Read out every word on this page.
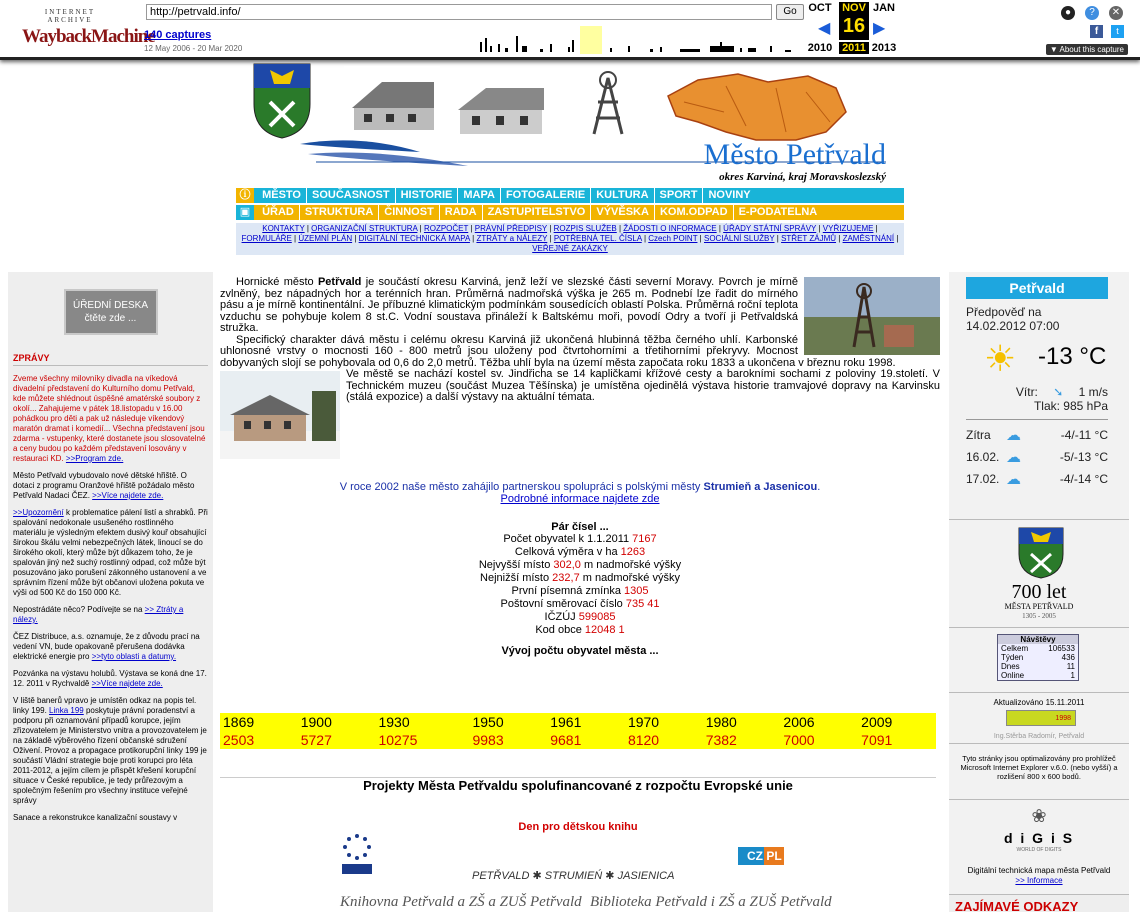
INTERNET ARCHIVE
WaybackMachine
http://petrvald.info/
Go
140 captures
12 May 2006 - 20 Mar 2020
OCT NOV
16
JAN
◀	▶
2010 2011 2013
●	?	✕
f	t
▼ About this capture
Město Petřvald
okres Karviná, kraj Moravskoslezský
ⓘ MĚSTO SOUČASNOST HISTORIE MAPA FOTOGALERIE KULTURA SPORT NOVINY
▣ ÚŘAD STRUKTURA ČINNOST RADA ZASTUPITELSTVO VÝVĚSKA KOM.ODPAD E-PODATELNA
KONTAKTY | ORGANIZAČNÍ STRUKTURA | ROZPOČET | PRÁVNÍ PŘEDPISY | ROZPIS SLUŽEB | ŽÁDOSTI O INFORMACE | ÚŘADY STÁTNÍ SPRÁVY | VYŘIZUJEME | FORMULÁŘE | ÚZEMNÍ PLÁN | DIGITÁLNÍ TECHNICKÁ MAPA | ZTRÁTY a NÁLEZY | POTŘEBNÁ TEL. ČÍSLA | Czech POINT | SOCIÁLNÍ SLUŽBY | STŘET ZÁJMŮ | ZAMĚSTNÁNÍ | VEŘEJNÉ ZAKÁZKY
ÚŘEDNÍ DESKA
čtěte zde ...
ZPRÁVY

Zveme všechny milovníky divadla na víkedová divadelní představení do Kulturního domu Petřvald, kde můžete shlédnout úspěšné amatérské soubory z okolí... Zahajujeme v pátek 18.listopadu v 16.00 pohádkou pro děti a pak už následuje víkendový maratón dramat i komedií... Všechna představení jsou zdarma - vstupenky, které dostanete jsou slosovatelné a ceny budou po každém představení losovány v restauraci KD. >>Program zde.

Město Petřvald vybudovalo nové dětské hřiště. O dotaci z programu Oranžové hřiště požádalo město Petřvald Nadaci ČEZ. >>Více najdete zde.

>>Upozornění k problematice pálení listí a shrabků. Při spalování nedokonale usušeného rostlinného materiálu je výsledným efektem dusivý kouř obsahující širokou škálu velmi nebezpečných látek, linoucí se do širokého okolí, který může být důkazem toho, že je spalován jiný než suchý rostlinný odpad, což může být posuzováno jako porušení zákonného ustanovení a ve správním řízení může být občanovi uložena pokuta ve výši od 500 Kč do 150 000 Kč.

Nepostrádáte něco? Podívejte se na >> Ztráty a nálezy.

ČEZ Distribuce, a.s. oznamuje, že z důvodu prací na vedení VN, bude opakovaně přerušena dodávka elektrické energie pro >>tyto oblasti a datumy.

Pozvánka na výstavu holubů. Výstava se koná dne 17. 12. 2011 v Rychvaldě >>Více najdete zde.

V liště banerů vpravo je umístěn odkaz na popis tel. linky 199. Linka 199 poskytuje právní poradenství a podporu při oznamování případů korupce, jejím zřizovatelem je Ministerstvo vnitra a provozovatelem je na základě výběrového řízení občanské sdružení Oživení. Provoz a propagace protikorupční linky 199 je součástí Vládní strategie boje proti korupci pro léta 2011-2012, a jejím cílem je přispět křešení korupční situace v České republice, je tedy průřezovým a společným řešením pro všechny instituce veřejné správy

Sanace a rekonstrukce kanalizační soustavy v

Hornické město Petřvald je součástí okresu Karviná, jenž leží ve slezské části severní Moravy. Povrch je mírně zvlněný, bez nápadných hor a terénních hran. Průměrná nadmořská výška je 265 m. Podnebí lze řadit do mírného pásu a je mírně kontinentální. Je příbuzné klimatickým podmínkám sousedících oblastí Polska. Průměrná roční teplota vzduchu se pohybuje kolem 8 st.C. Vodní soustava přináleží k Baltskému moři, povodí Odry a tvoří ji Petřvaldská stružka.

Specifický charakter dává městu i celému okresu Karviná již ukončená hlubinná těžba černého uhlí. Karbonské uhlonosné vrstvy o mocnosti 160 - 800 metrů jsou uloženy pod čtvrtohorními a třetihorními překryvy. Mocnost dobyvaných slojí se pohybovala od 0,6 do 2,0 metrů. Těžba uhlí byla na území města započata roku 1833 a ukončena v březnu roku 1998.

Ve městě se nachází kostel sv. Jindřicha se 14 kapličkami křížové cesty a barokními sochami z poloviny 19.století. V Technickém muzeu (součást Muzea Těšínska) je umístěna ojedinělá výstava historie tramvajové dopravy na Karvinsku (stálá expozice) a další výstavy na aktuální témata.

V roce 2002 naše město zahájilo partnerskou spolupráci s polskými městy Strumieň a Jasenicou.

Podrobné informace najdete zde

Pár čísel ...

Počet obyvatel k 1.1.2011 7167
Celková výměra v ha 1263
Nejvyšší místo 302,0 m nadmořské výšky
Nejnižší místo 232,7 m nadmořské výšky
První písemná zmínka 1305
Poštovní směrovací číslo 735 41
IČZÚJ 599085
Kod obce 12048 1

Vývoj počtu obyvatel města ...

1869	1900	1930	1950	1961	1970	1980	2006	2009
2503	5727	10275	9983	9681	8120	7382	7000	7091
Projekty Města Petřvaldu spolufinancované z rozpočtu Evropské unie
Den pro dětskou knihu
CZ PL
PETŘVALD ✱ STRUMIEŃ ✱ JASIENICA
Knihovna Petřvald a ZŠ a ZUŠ Petřvald Biblioteka Petřvald i ZŠ a ZUŠ Petřvald
Petřvald
Předpověď na
14.02.2012 07:00
☀ -13 °C
Vítr: ➘ 1 m/s
Tlak: 985 hPa
Zítra	☁	-4/-11 °C
16.02. ☁	-5/-13 °C
17.02. ☁	-4/-14 °C
700 let
MĚSTA PETŘVALD
1305 - 2005
Návštěvy
Celkem	106533
Týden	436
Dnes	11
Online	1
Aktualizováno 15.11.2011
1998
Ing.Stěrba Radomír, Petřvald
Tyto stránky jsou optimalizovány pro prohlížeč Microsoft Internet Explorer v.6.0. (nebo vyšší) a rozlišení 800 x 600 bodů.
❀
d i G i S
WORLD OF DIGITS
Digitální technická mapa města Petřvald
>> Informace
ZAJÍMAVÉ ODKAZY
